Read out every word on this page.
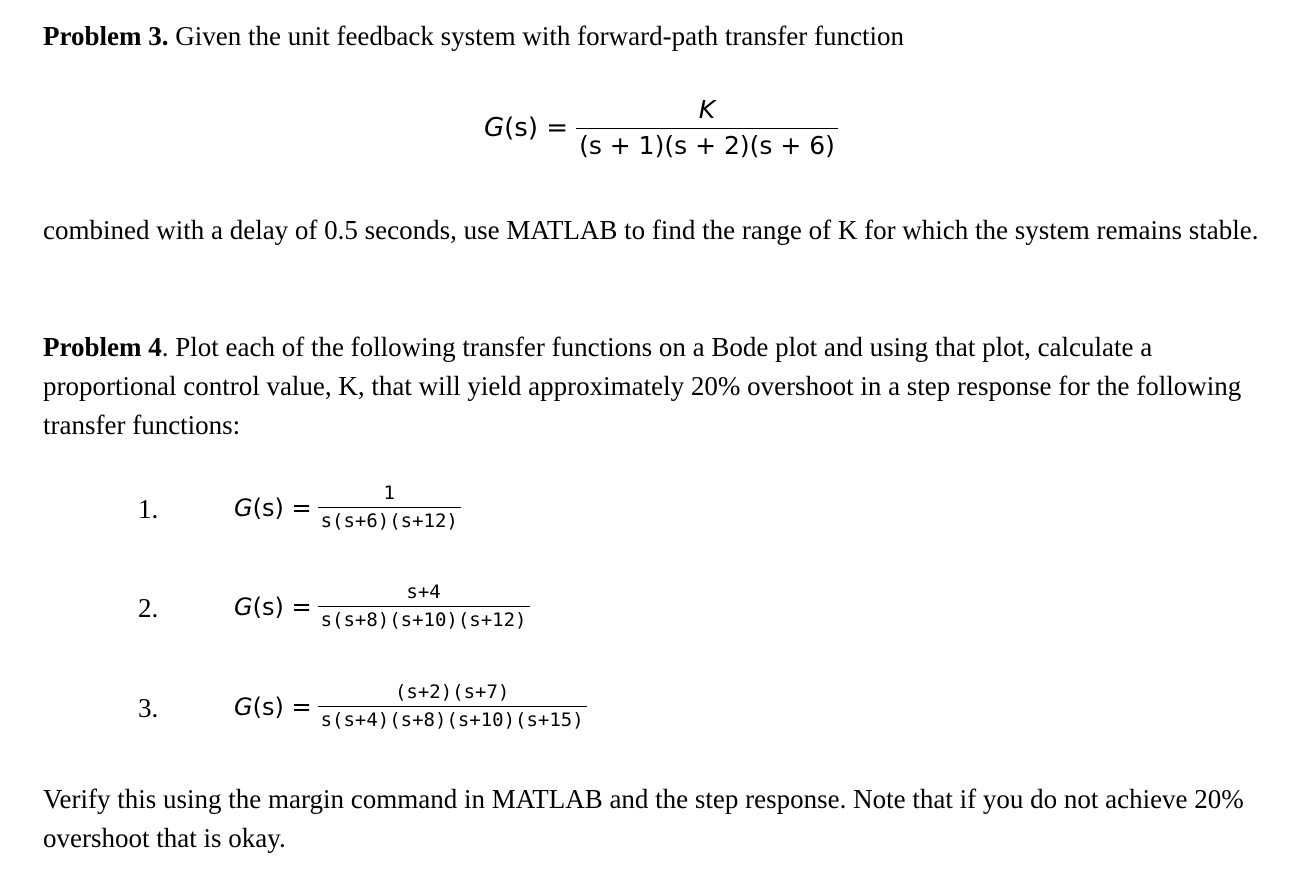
Problem 3. Given the unit feedback system with forward-path transfer function
$G(s) = \frac{K}{(s + 1)(s + 2)(s + 6)}$
combined with a delay of 0.5 seconds, use MATLAB to find the range of K for which the system remains stable.
Problem 4. Plot each of the following transfer functions on a Bode plot and using that plot, calculate a proportional control value, K, that will yield approximately 20% overshoot in a step response for the following transfer functions:
1.	$G(s) = \frac{1}{s(s+6)(s+12)}$
2.	$G(s) = \frac{s+4}{s(s+8)(s+10)(s+12)}$
3.	$G(s) = \frac{(s+2)(s+7)}{s(s+4)(s+8)(s+10)(s+15)}$
Verify this using the margin command in MATLAB and the step response. Note that if you do not achieve 20% overshoot that is okay.
